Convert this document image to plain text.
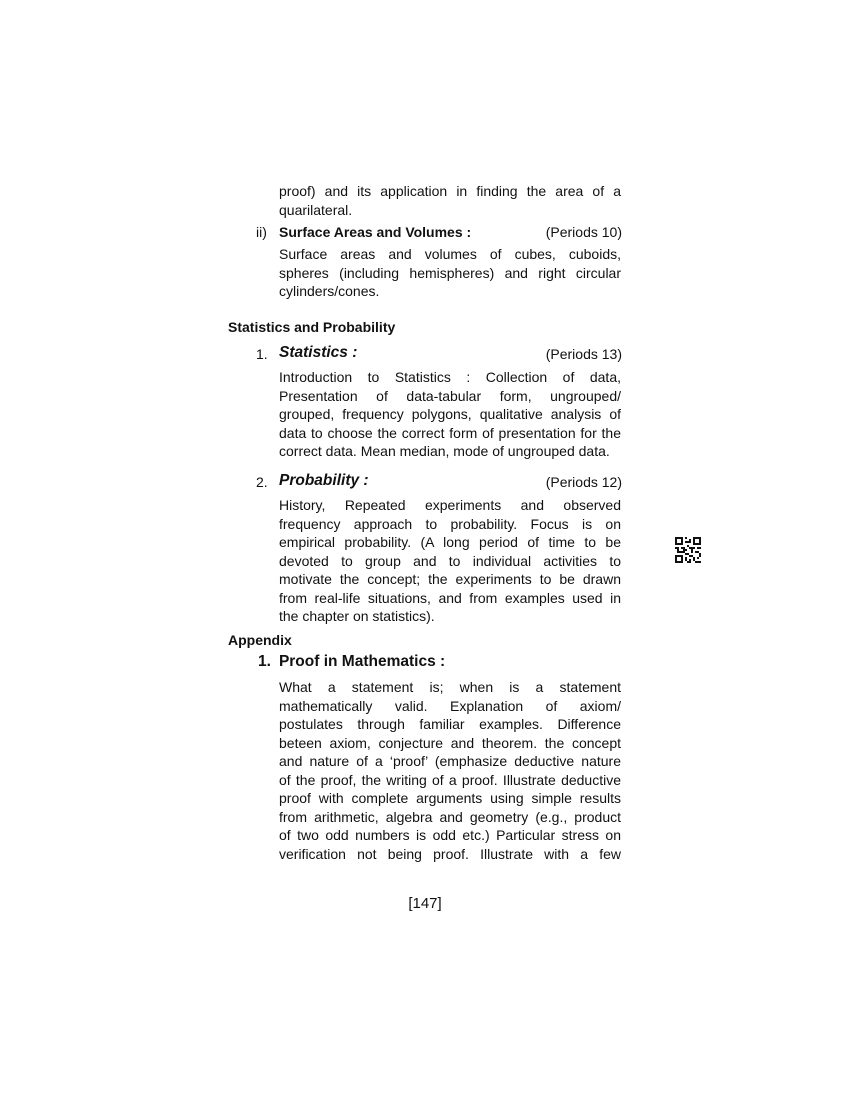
proof) and its application in finding the area of a
quarilateral.
ii) Surface Areas and Volumes :	(Periods 10)
Surface areas and volumes of cubes, cuboids,
spheres (including hemispheres) and right circular
cylinders/cones.
Statistics and Probability
1. Statistics :	(Periods 13)
Introduction to Statistics : Collection of data,
Presentation of data-tabular form, ungrouped/
grouped, frequency polygons, qualitative analysis of
data to choose the correct form of presentation for the
correct data. Mean median, mode of ungrouped data.
2. Probability :	(Periods 12)
History, Repeated experiments and observed
frequency approach to probability. Focus is on
empirical probability. (A long period of time to be
devoted to group and to individual activities to
motivate the concept; the experiments to be drawn
from real-life situations, and from examples used in
the chapter on statistics).
Appendix
1. Proof in Mathematics :
What a statement is; when is a statement
mathematically valid. Explanation of axiom/
postulates through familiar examples. Difference
beteen axiom, conjecture and theorem. the concept
and nature of a ‘proof’ (emphasize deductive nature
of the proof, the writing of a proof. Illustrate deductive
proof with complete arguments using simple results
from arithmetic, algebra and geometry (e.g., product
of two odd numbers is odd etc.) Particular stress on
verification not being proof. Illustrate with a few
[147]
